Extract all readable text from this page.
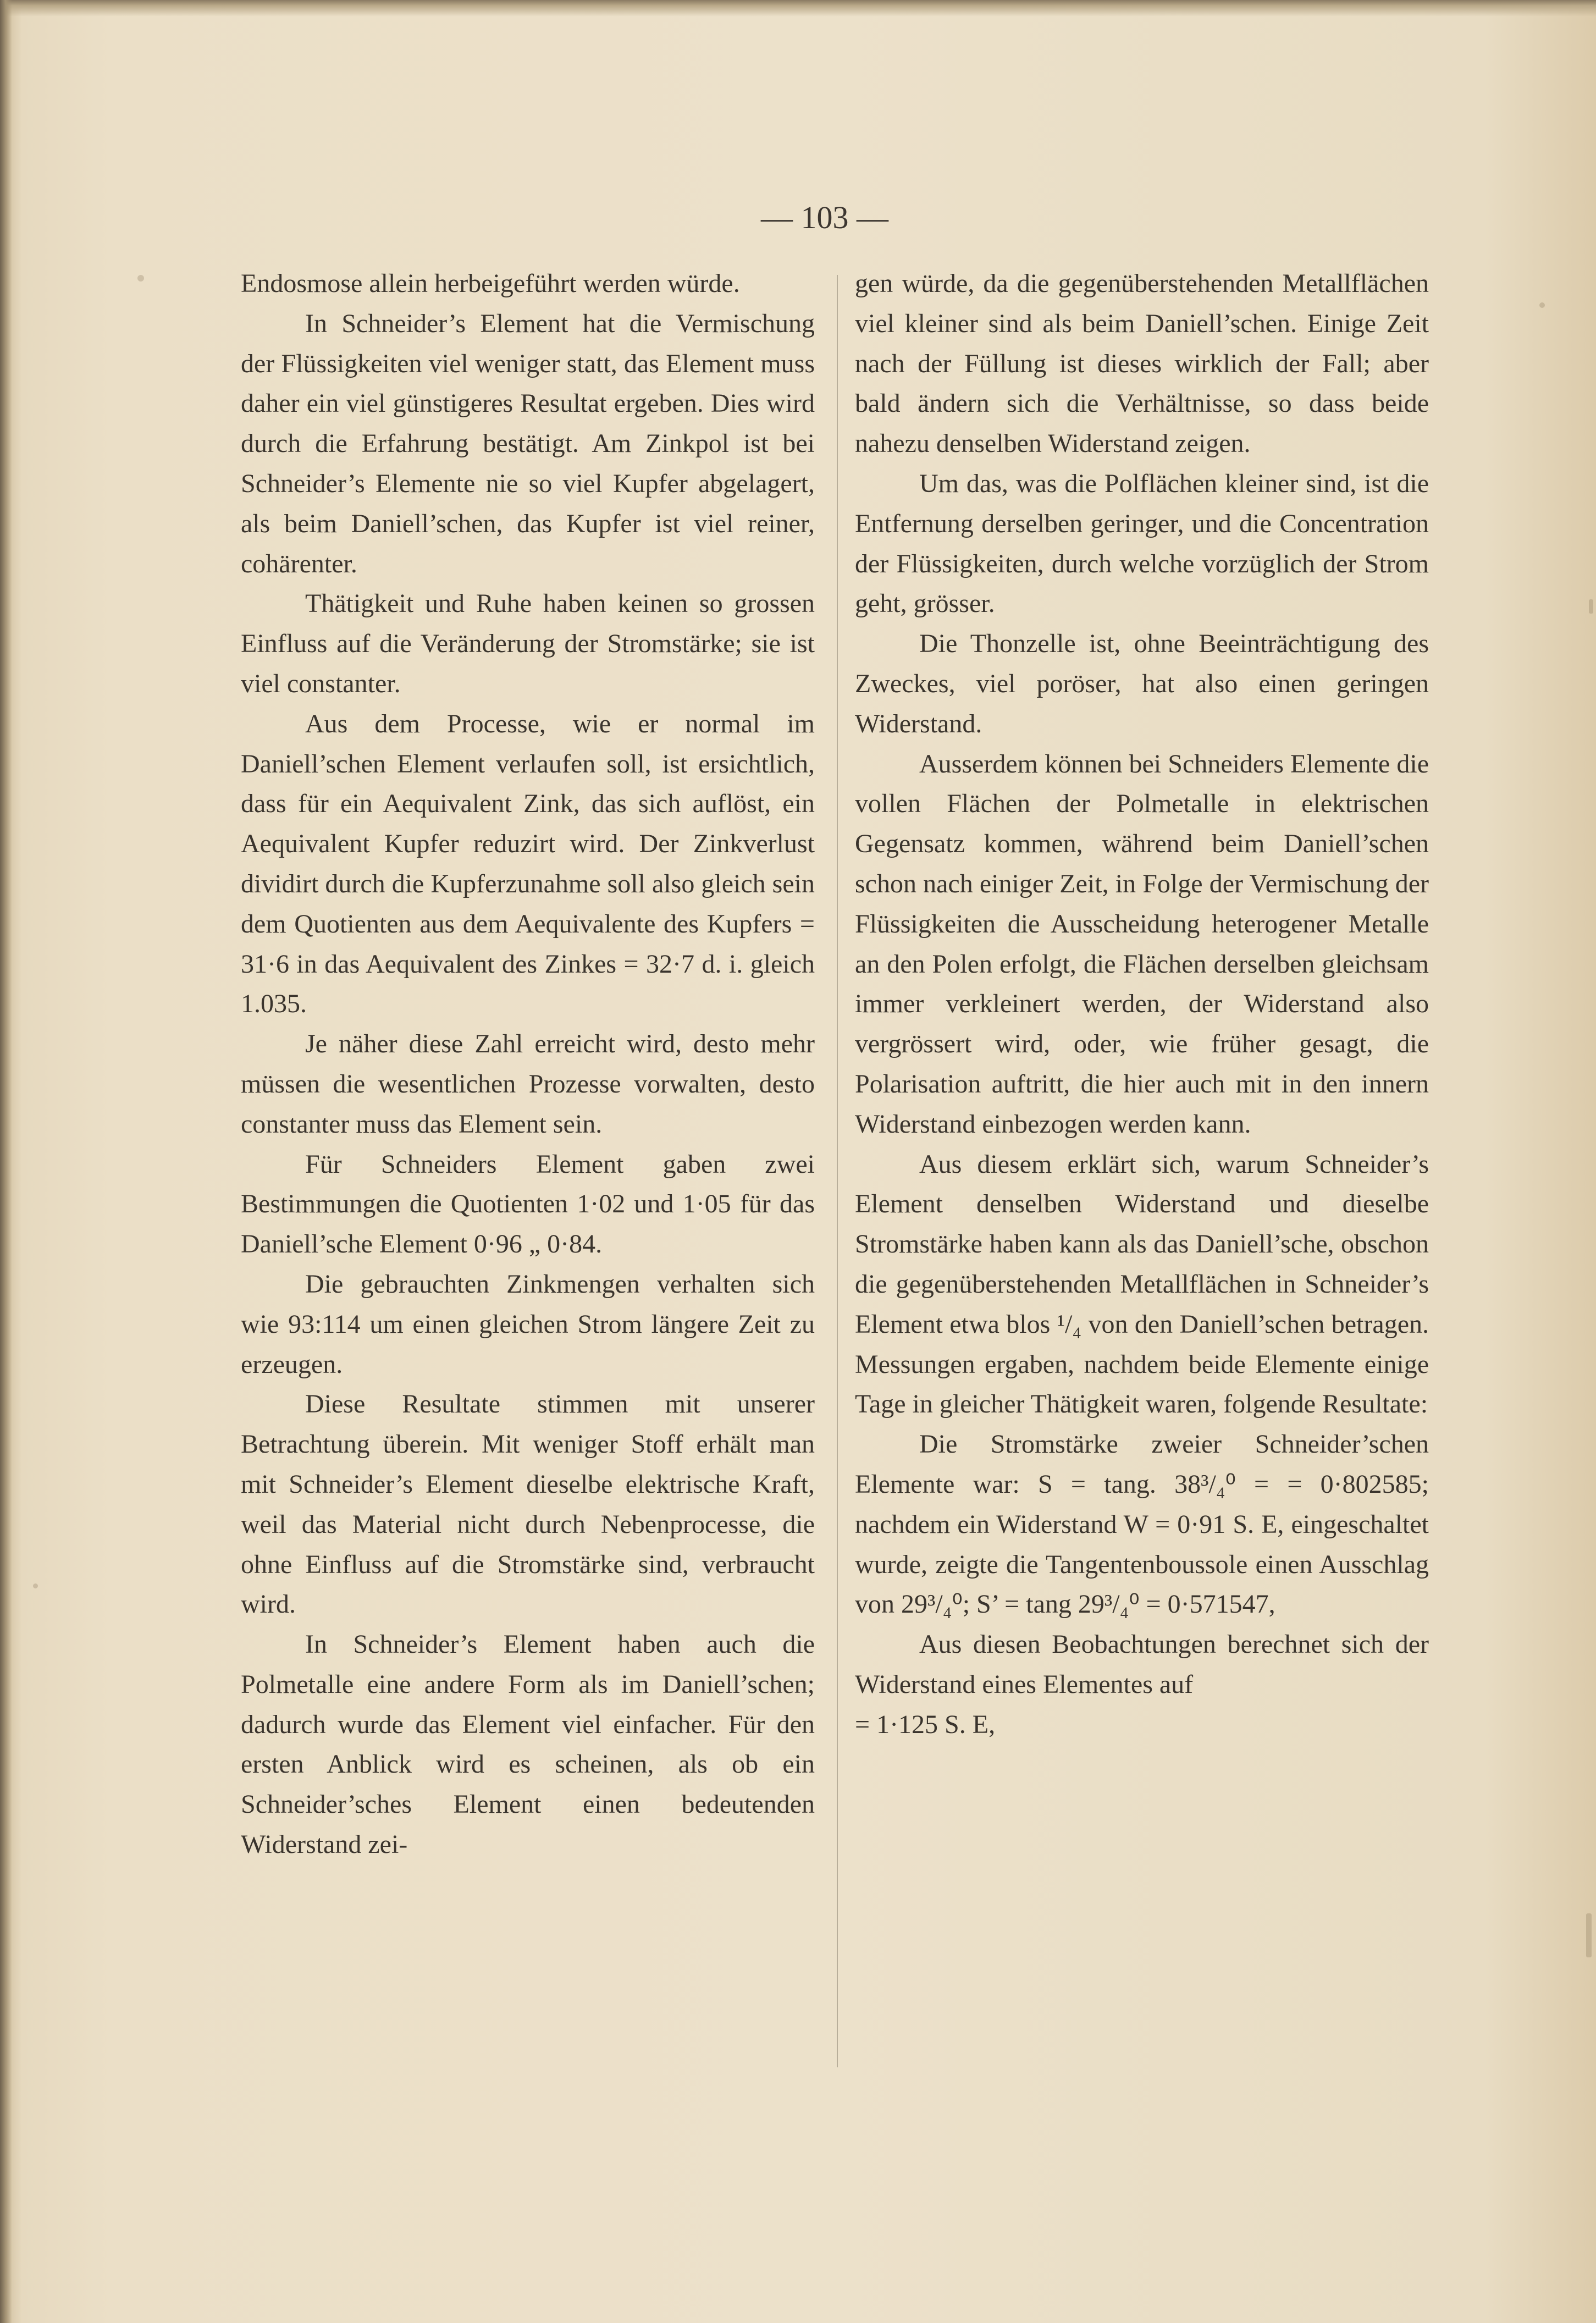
— 103 —

Endosmose allein herbeigeführt werden würde.

In Schneider’s Element hat die Vermischung der Flüssigkeiten viel weniger statt, das Element muss daher ein viel günstigeres Resultat ergeben. Dies wird durch die Erfahrung bestätigt. Am Zinkpol ist bei Schneider’s Elemente nie so viel Kupfer abgelagert, als beim Daniell’schen, das Kupfer ist viel reiner, cohärenter.

Thätigkeit und Ruhe haben keinen so grossen Einfluss auf die Veränderung der Stromstärke; sie ist viel constanter.

Aus dem Processe, wie er normal im Daniell’schen Element verlaufen soll, ist ersichtlich, dass für ein Aequivalent Zink, das sich auflöst, ein Aequivalent Kupfer reduzirt wird. Der Zinkverlust dividirt durch die Kupferzunahme soll also gleich sein dem Quotienten aus dem Aequivalente des Kupfers = 31·6 in das Aequivalent des Zinkes = 32·7 d. i. gleich 1.035.

Je näher diese Zahl erreicht wird, desto mehr müssen die wesentlichen Prozesse vorwalten, desto constanter muss das Element sein.

Für Schneiders Element gaben zwei Bestimmungen die Quotienten 1·02 und 1·05 für das Daniell’sche Element 0·96 „ 0·84.

Die gebrauchten Zinkmengen verhalten sich wie 93:114 um einen gleichen Strom längere Zeit zu erzeugen.

Diese Resultate stimmen mit unserer Betrachtung überein. Mit weniger Stoff erhält man mit Schneider’s Element dieselbe elektrische Kraft, weil das Material nicht durch Nebenprocesse, die ohne Einfluss auf die Stromstärke sind, verbraucht wird.

In Schneider’s Element haben auch die Polmetalle eine andere Form als im Daniell’schen; dadurch wurde das Element viel einfacher. Für den ersten Anblick wird es scheinen, als ob ein Schneider’sches Element einen bedeutenden Widerstand zei-

gen würde, da die gegenüberstehenden Metallflächen viel kleiner sind als beim Daniell’schen. Einige Zeit nach der Füllung ist dieses wirklich der Fall; aber bald ändern sich die Verhältnisse, so dass beide nahezu denselben Widerstand zeigen.

Um das, was die Polflächen kleiner sind, ist die Entfernung derselben geringer, und die Concentration der Flüssigkeiten, durch welche vorzüglich der Strom geht, grösser.

Die Thonzelle ist, ohne Beeinträchtigung des Zweckes, viel poröser, hat also einen geringen Widerstand.

Ausserdem können bei Schneiders Elemente die vollen Flächen der Polmetalle in elektrischen Gegensatz kommen, während beim Daniell’schen schon nach einiger Zeit, in Folge der Vermischung der Flüssigkeiten die Ausscheidung heterogener Metalle an den Polen erfolgt, die Flächen derselben gleichsam immer verkleinert werden, der Widerstand also vergrössert wird, oder, wie früher gesagt, die Polarisation auftritt, die hier auch mit in den innern Widerstand einbezogen werden kann.

Aus diesem erklärt sich, warum Schneider’s Element denselben Widerstand und dieselbe Stromstärke haben kann als das Daniell’sche, obschon die gegenüberstehenden Metallflächen in Schneider’s Element etwa blos ¹/₄ von den Daniell’schen betragen. Messungen ergaben, nachdem beide Elemente einige Tage in gleicher Thätigkeit waren, folgende Resultate:

Die Stromstärke zweier Schneider’schen Elemente war: S = tang. 38³/₄⁰ = = 0·802585; nachdem ein Widerstand W = 0·91 S. E, eingeschaltet wurde, zeigte die Tangentenboussole einen Ausschlag von 29³/₄⁰; S’ = tang 29³/₄⁰ = 0·571547,

Aus diesen Beobachtungen berechnet sich der Widerstand eines Elementes auf

= 1·125 S. E,
